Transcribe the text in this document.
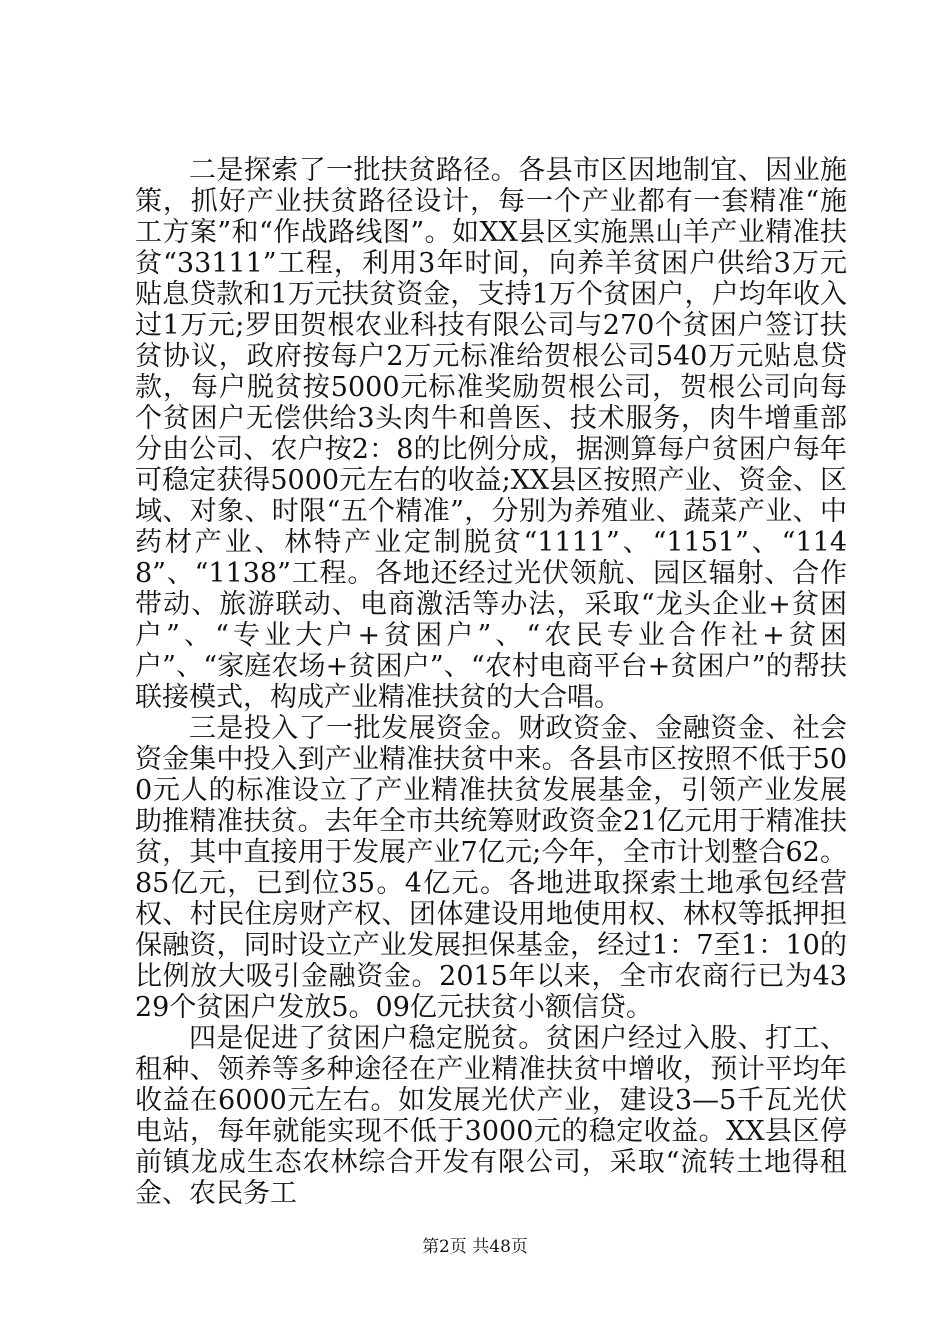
二是探索了一批扶贫路径。各县市区因地制宜、因业施策，抓好产业扶贫路径设计，每一个产业都有一套精准“施工方案”和“作战路线图”。如XX县区实施黑山羊产业精准扶贫“33111”工程，利用3年时间，向养羊贫困户供给3万元贴息贷款和1万元扶贫资金，支持1万个贫困户，户均年收入过1万元;罗田贺根农业科技有限公司与270个贫困户签订扶贫协议，政府按每户2万元标准给贺根公司540万元贴息贷款，每户脱贫按5000元标准奖励贺根公司，贺根公司向每个贫困户无偿供给3头肉牛和兽医、技术服务，肉牛增重部分由公司、农户按2：8的比例分成，据测算每户贫困户每年可稳定获得5000元左右的收益;XX县区按照产业、资金、区域、对象、时限“五个精准”，分别为养殖业、蔬菜产业、中药材产业、林特产业定制脱贫“1111”、“1151”、“1148”、“1138”工程。各地还经过光伏领航、园区辐射、合作带动、旅游联动、电商激活等办法，采取“龙头企业+贫困户”、“专业大户+贫困户”、“农民专业合作社+贫困户”、“家庭农场+贫困户”、“农村电商平台+贫困户”的帮扶联接模式，构成产业精准扶贫的大合唱。

三是投入了一批发展资金。财政资金、金融资金、社会资金集中投入到产业精准扶贫中来。各县市区按照不低于500元人的标准设立了产业精准扶贫发展基金，引领产业发展助推精准扶贫。去年全市共统筹财政资金21亿元用于精准扶贫，其中直接用于发展产业7亿元;今年，全市计划整合62。85亿元，已到位35。4亿元。各地进取探索土地承包经营权、村民住房财产权、团体建设用地使用权、林权等抵押担保融资，同时设立产业发展担保基金，经过1：7至1：10的比例放大吸引金融资金。2015年以来，全市农商行已为4329个贫困户发放5。09亿元扶贫小额信贷。

四是促进了贫困户稳定脱贫。贫困户经过入股、打工、租种、领养等多种途径在产业精准扶贫中增收，预计平均年收益在6000元左右。如发展光伏产业，建设3—5千瓦光伏电站，每年就能实现不低于3000元的稳定收益。XX县区停前镇龙成生态农林综合开发有限公司，采取“流转土地得租金、农民务工

第2页 共48页
